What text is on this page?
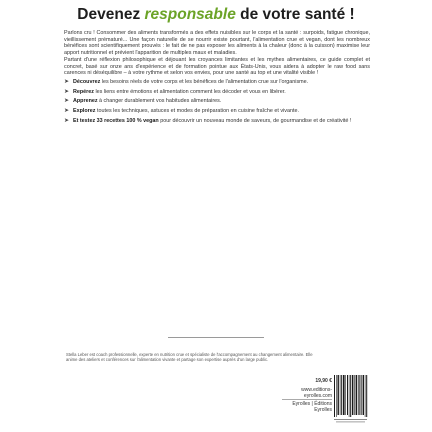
Devenez responsable de votre santé !

Parlons cru ! Consommer des aliments transformés a des effets nuisibles sur le corps et la santé : surpoids, fatigue chronique, vieillissement prématuré... Une façon naturelle de se nourrir existe pourtant, l'alimentation crue et vegan, dont les nombreux bénéfices sont scientifiquement prouvés : le fait de ne pas exposer les aliments à la chaleur (donc à la cuisson) maximise leur apport nutritionnel et prévient l'apparition de multiples maux et maladies.

Partant d'une réflexion philosophique et déjouant les croyances limitantes et les mythes alimentaires, ce guide complet et concret, basé sur onze ans d'expérience et de formation pointue aux États-Unis, vous aidera à adopter le raw food sans carences ni déséquilibre – à votre rythme et selon vos envies, pour une santé au top et une vitalité visible !

➤ Découvrez les besoins réels de votre corps et les bénéfices de l'alimentation crue sur l'organisme.
➤ Repérez les liens entre émotions et alimentation comment les décoder et vous en libérer.
➤ Apprenez à changer durablement vos habitudes alimentaires.
➤ Explorez toutes les techniques, astuces et modes de préparation en cuisine fraîche et vivante.
➤ Et testez 33 recettes 100 % vegan pour découvrir un nouveau monde de saveurs, de gourmandise et de créativité !
Stella Leber est coach professionnelle, experte en nutrition crue et spécialiste de l'accompagnement au changement alimentaire. Elle anime des ateliers et conférences sur l'alimentation vivante et partage son expertise auprès d'un large public.
19,90 €
www.editions-eyrolles.com
Eyrolles | Éditions Eyrolles
